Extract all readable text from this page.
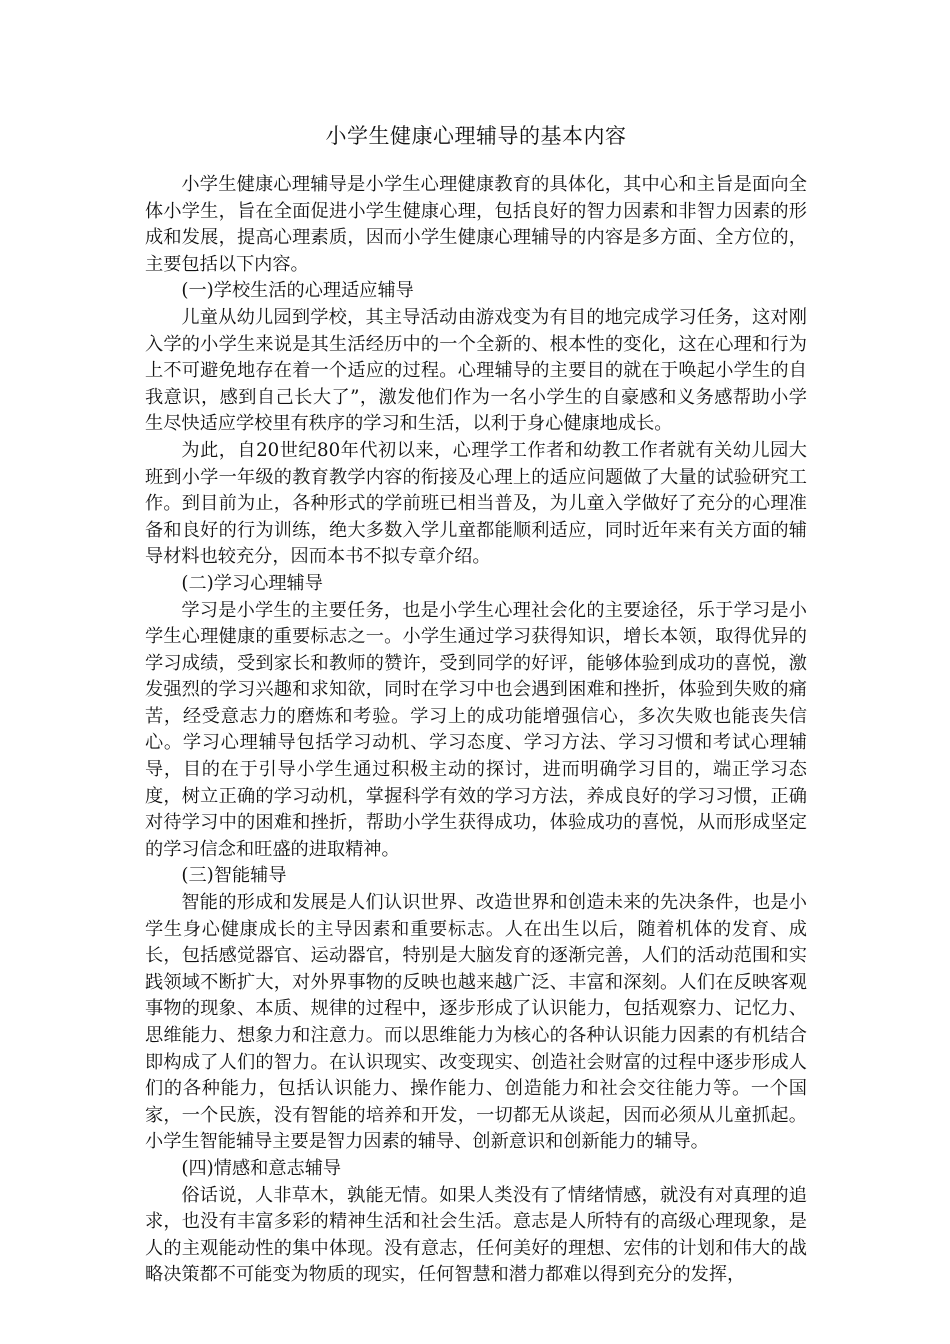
小学生健康心理辅导的基本内容

小学生健康心理辅导是小学生心理健康教育的具体化，其中心和主旨是面向全体小学生，旨在全面促进小学生健康心理，包括良好的智力因素和非智力因素的形成和发展，提高心理素质，因而小学生健康心理辅导的内容是多方面、全方位的，主要包括以下内容。

(一)学校生活的心理适应辅导

儿童从幼儿园到学校，其主导活动由游戏变为有目的地完成学习任务，这对刚入学的小学生来说是其生活经历中的一个全新的、根本性的变化，这在心理和行为上不可避免地存在着一个适应的过程。心理辅导的主要目的就在于唤起小学生的自我意识，感到自己长大了”，激发他们作为一名小学生的自豪感和义务感帮助小学生尽快适应学校里有秩序的学习和生活，以利于身心健康地成长。

为此，自20世纪80年代初以来，心理学工作者和幼教工作者就有关幼儿园大班到小学一年级的教育教学内容的衔接及心理上的适应问题做了大量的试验研究工作。到目前为止，各种形式的学前班已相当普及，为儿童入学做好了充分的心理准备和良好的行为训练，绝大多数入学儿童都能顺利适应，同时近年来有关方面的辅导材料也较充分，因而本书不拟专章介绍。

(二)学习心理辅导

学习是小学生的主要任务，也是小学生心理社会化的主要途径，乐于学习是小学生心理健康的重要标志之一。小学生通过学习获得知识，增长本领，取得优异的学习成绩，受到家长和教师的赞许，受到同学的好评，能够体验到成功的喜悦，激发强烈的学习兴趣和求知欲，同时在学习中也会遇到困难和挫折，体验到失败的痛苦，经受意志力的磨炼和考验。学习上的成功能增强信心，多次失败也能丧失信心。学习心理辅导包括学习动机、学习态度、学习方法、学习习惯和考试心理辅导，目的在于引导小学生通过积极主动的探讨，进而明确学习目的，端正学习态度，树立正确的学习动机，掌握科学有效的学习方法，养成良好的学习习惯，正确对待学习中的困难和挫折，帮助小学生获得成功，体验成功的喜悦，从而形成坚定的学习信念和旺盛的进取精神。

(三)智能辅导

智能的形成和发展是人们认识世界、改造世界和创造未来的先决条件，也是小学生身心健康成长的主导因素和重要标志。人在出生以后，随着机体的发育、成长，包括感觉器官、运动器官，特别是大脑发育的逐渐完善，人们的活动范围和实践领域不断扩大，对外界事物的反映也越来越广泛、丰富和深刻。人们在反映客观事物的现象、本质、规律的过程中，逐步形成了认识能力，包括观察力、记忆力、思维能力、想象力和注意力。而以思维能力为核心的各种认识能力因素的有机结合即构成了人们的智力。在认识现实、改变现实、创造社会财富的过程中逐步形成人们的各种能力，包括认识能力、操作能力、创造能力和社会交往能力等。一个国家，一个民族，没有智能的培养和开发，一切都无从谈起，因而必须从儿童抓起。小学生智能辅导主要是智力因素的辅导、创新意识和创新能力的辅导。

(四)情感和意志辅导

俗话说，人非草木，孰能无情。如果人类没有了情绪情感，就没有对真理的追求，也没有丰富多彩的精神生活和社会生活。意志是人所特有的高级心理现象，是人的主观能动性的集中体现。没有意志，任何美好的理想、宏伟的计划和伟大的战略决策都不可能变为物质的现实，任何智慧和潜力都难以得到充分的发挥，
